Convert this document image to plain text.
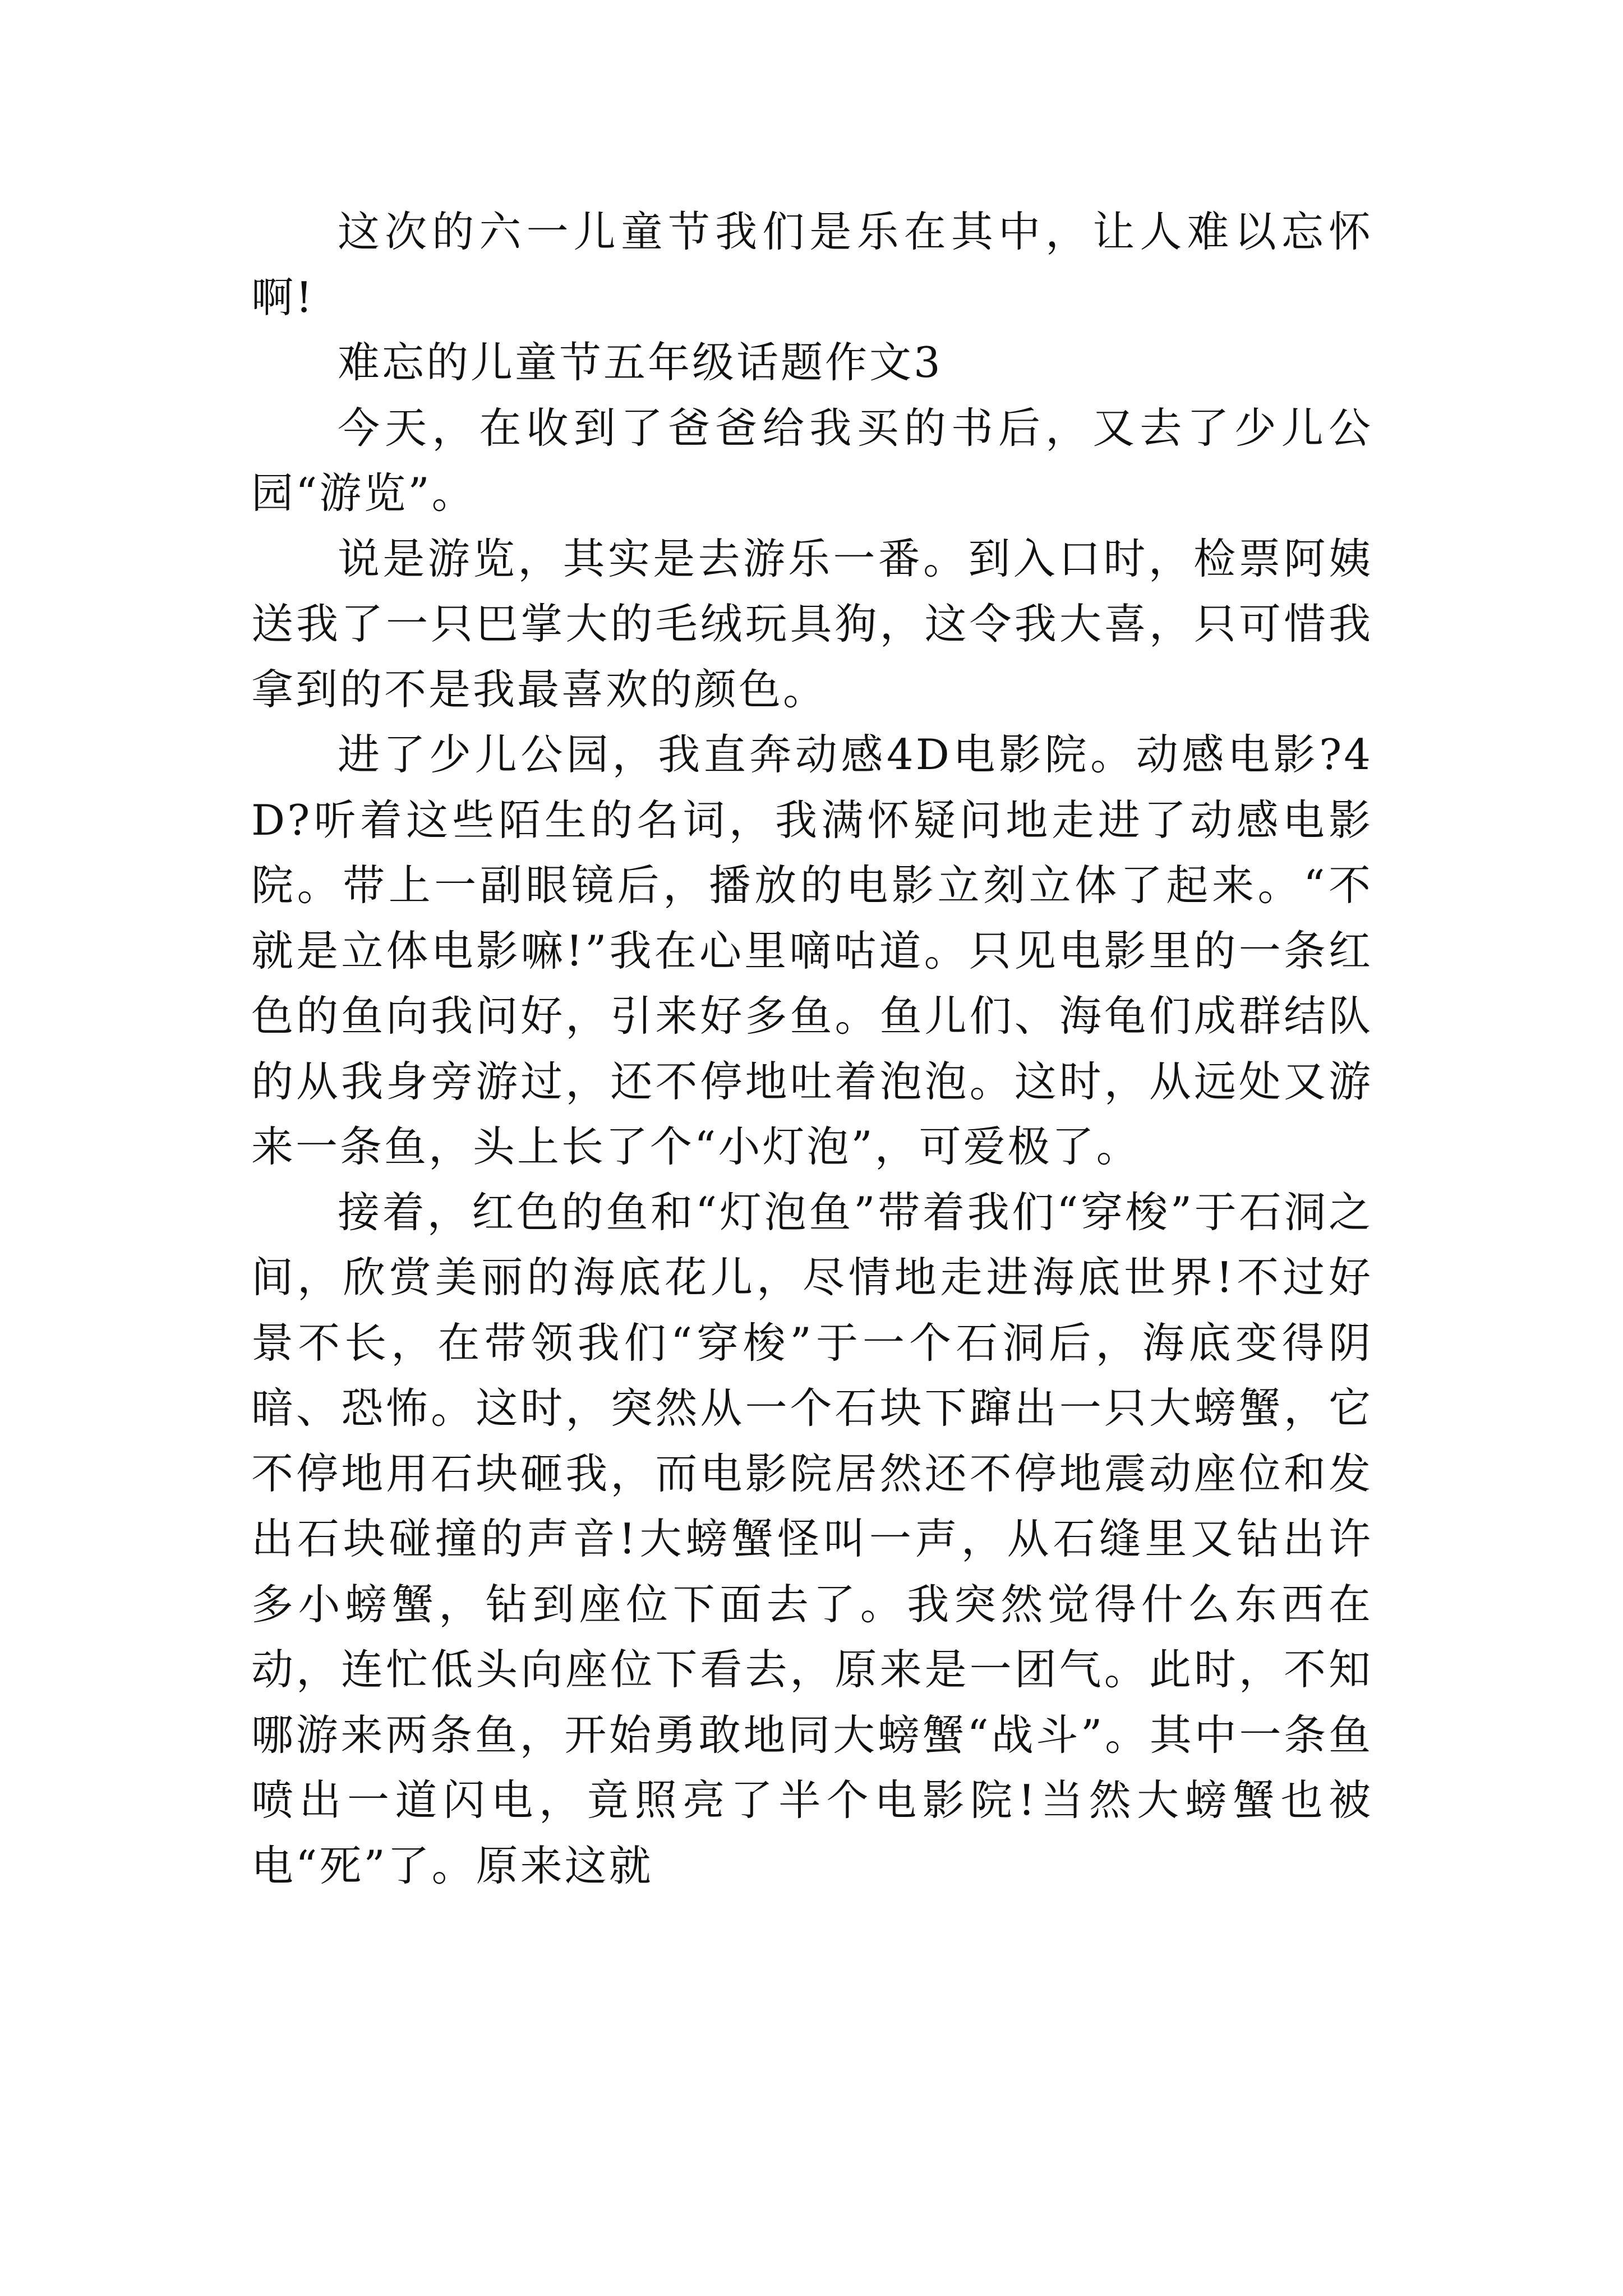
这次的六一儿童节我们是乐在其中，让人难以忘怀啊!

难忘的儿童节五年级话题作文3

今天，在收到了爸爸给我买的书后，又去了少儿公园“游览”。

说是游览，其实是去游乐一番。到入口时，检票阿姨送我了一只巴掌大的毛绒玩具狗，这令我大喜，只可惜我拿到的不是我最喜欢的颜色。

进了少儿公园，我直奔动感4D电影院。动感电影?4D?听着这些陌生的名词，我满怀疑问地走进了动感电影院。带上一副眼镜后，播放的电影立刻立体了起来。“不就是立体电影嘛!”我在心里嘀咕道。只见电影里的一条红色的鱼向我问好，引来好多鱼。鱼儿们、海龟们成群结队的从我身旁游过，还不停地吐着泡泡。这时，从远处又游来一条鱼，头上长了个“小灯泡”，可爱极了。

接着，红色的鱼和“灯泡鱼”带着我们“穿梭”于石洞之间，欣赏美丽的海底花儿，尽情地走进海底世界!不过好景不长，在带领我们“穿梭”于一个石洞后，海底变得阴暗、恐怖。这时，突然从一个石块下蹿出一只大螃蟹，它不停地用石块砸我，而电影院居然还不停地震动座位和发出石块碰撞的声音!大螃蟹怪叫一声，从石缝里又钻出许多小螃蟹，钻到座位下面去了。我突然觉得什么东西在动，连忙低头向座位下看去，原来是一团气。此时，不知哪游来两条鱼，开始勇敢地同大螃蟹“战斗”。其中一条鱼喷出一道闪电，竟照亮了半个电影院!当然大螃蟹也被电“死”了。原来这就
